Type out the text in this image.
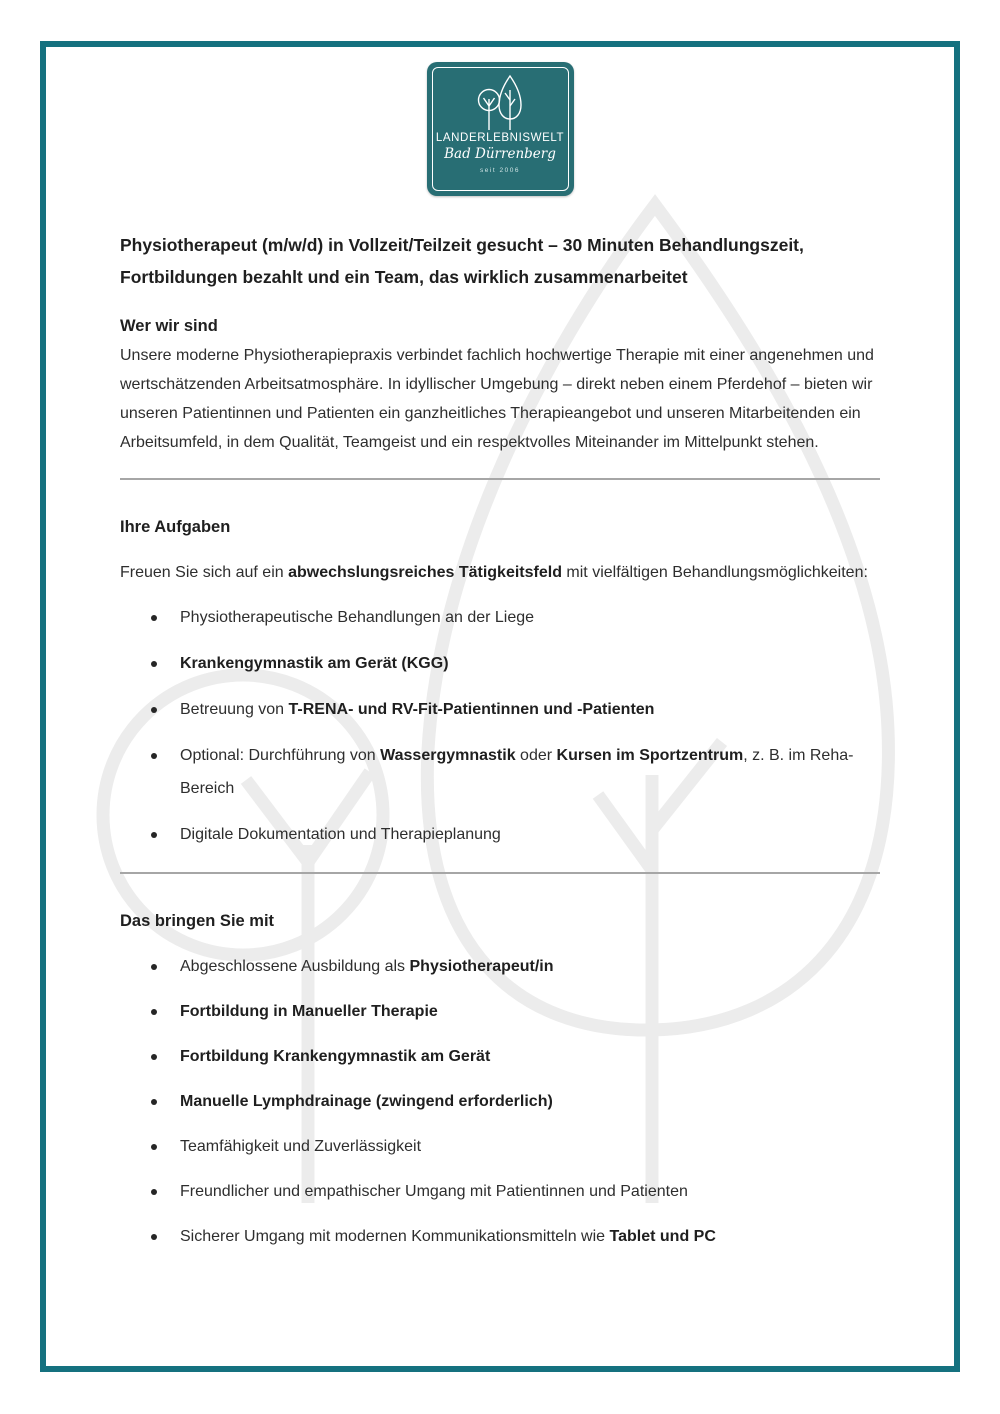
LANDERLEBNISWELT
Bad Dürrenberg
seit 2006
Physiotherapeut (m/w/d) in Vollzeit/Teilzeit gesucht – 30 Minuten Behandlungszeit, Fortbildungen bezahlt und ein Team, das wirklich zusammenarbeitet
Wer wir sind
Unsere moderne Physiotherapiepraxis verbindet fachlich hochwertige Therapie mit einer angenehmen und wertschätzenden Arbeitsatmosphäre. In idyllischer Umgebung – direkt neben einem Pferdehof – bieten wir unseren Patientinnen und Patienten ein ganzheitliches Therapieangebot und unseren Mitarbeitenden ein Arbeitsumfeld, in dem Qualität, Teamgeist und ein respektvolles Miteinander im Mittelpunkt stehen.
Ihre Aufgaben
Freuen Sie sich auf ein abwechslungsreiches Tätigkeitsfeld mit vielfältigen Behandlungsmöglichkeiten:
Physiotherapeutische Behandlungen an der Liege
Krankengymnastik am Gerät (KGG)
Betreuung von T-RENA- und RV-Fit-Patientinnen und -Patienten
Optional: Durchführung von Wassergymnastik oder Kursen im Sportzentrum, z. B. im Reha-Bereich
Digitale Dokumentation und Therapieplanung
Das bringen Sie mit
Abgeschlossene Ausbildung als Physiotherapeut/in
Fortbildung in Manueller Therapie
Fortbildung Krankengymnastik am Gerät
Manuelle Lymphdrainage (zwingend erforderlich)
Teamfähigkeit und Zuverlässigkeit
Freundlicher und empathischer Umgang mit Patientinnen und Patienten
Sicherer Umgang mit modernen Kommunikationsmitteln wie Tablet und PC
